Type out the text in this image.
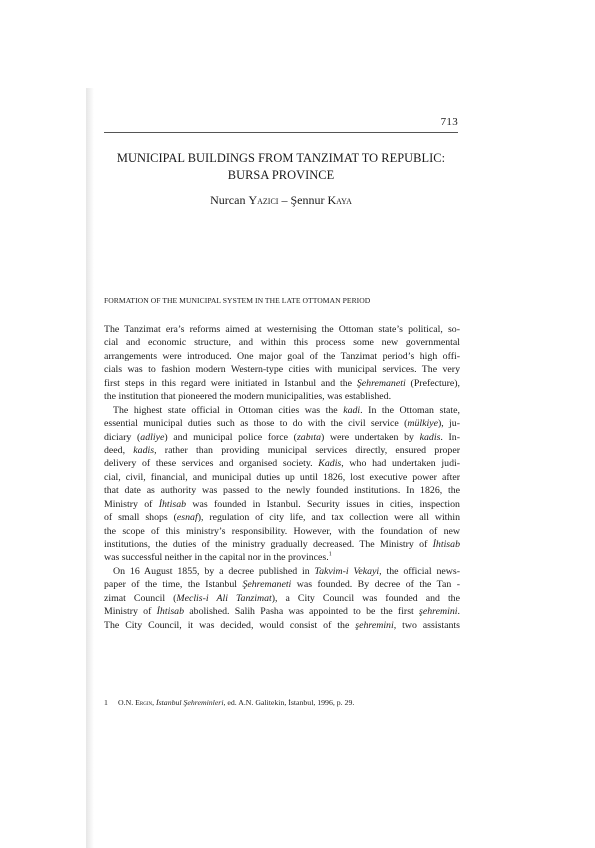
713
MUNICIPAL BUILDINGS FROM TANZIMAT TO REPUBLIC:
BURSA PROVINCE
Nurcan Yazici – Şennur Kaya
FORMATION OF THE MUNICIPAL SYSTEM IN THE LATE OTTOMAN PERIOD
The Tanzimat era’s reforms aimed at westernising the Ottoman state’s political, so-
cial and economic structure, and within this process some new governmental
arrangements were introduced. One major goal of the Tanzimat period’s high offi-
cials was to fashion modern Western-type cities with municipal services. The very
first steps in this regard were initiated in Istanbul and the Şehremaneti (Prefecture),
the institution that pioneered the modern municipalities, was established.
The highest state official in Ottoman cities was the kadi. In the Ottoman state,
essential municipal duties such as those to do with the civil service (mülkiye), ju-
diciary (adliye) and municipal police force (zabıta) were undertaken by kadis. In-
deed, kadis, rather than providing municipal services directly, ensured proper
delivery of these services and organised society. Kadis, who had undertaken judi-
cial, civil, financial, and municipal duties up until 1826, lost executive power after
that date as authority was passed to the newly founded institutions. In 1826, the
Ministry of İhtisab was founded in Istanbul. Security issues in cities, inspection
of small shops (esnaf), regulation of city life, and tax collection were all within
the scope of this ministry’s responsibility. However, with the foundation of new
institutions, the duties of the ministry gradually decreased. The Ministry of İhtisab
was successful neither in the capital nor in the provinces.$^1$
On 16 August 1855, by a decree published in Takvim-i Vekayi, the official news-
paper of the time, the Istanbul Şehremaneti was founded. By decree of the Tan -
zimat Council (Meclis-i Ali Tanzimat), a City Council was founded and the
Ministry of İhtisab abolished. Salih Pasha was appointed to be the first şehremini.
The City Council, it was decided, would consist of the şehremini, two assistants
1 O.N. Ergin, İstanbul Şehreminleri, ed. A.N. Galitekin, İstanbul, 1996, p. 29.
